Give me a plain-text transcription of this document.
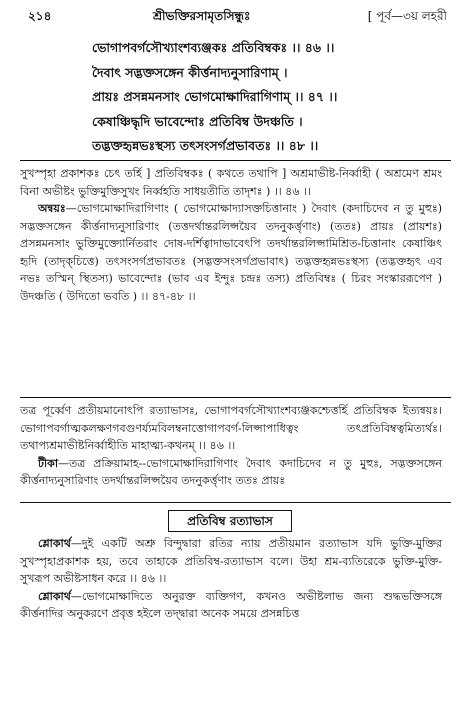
২১৪	শ্রীভক্তিরসামৃতসিন্ধুঃ	[ পূর্ব—৩য় লহরী
ভোগাপবর্গসৌখ্যাংশব্যঞ্জকঃ প্রতিবিম্বকঃ ।। ৪৬ ।।
দৈবাৎ সদ্ভক্তসঙ্গেন কীর্ত্তনাদ্যনুসারিণাম্ ।
প্রায়ঃ প্রসন্নমনসাং ভোগমোক্ষাদিরাগিণাম্ ।। ৪৭ ।।
কেষাঞ্চিদ্ধৃদি ভাবেন্দোঃ প্রতিবিম্ব উদঞ্চতি ।
তদ্ভক্তহৃন্নভঃস্থস্য তৎসংসর্গপ্রভাবতঃ ।। ৪৮ ।।

সুখস্পৃহা প্রকাশকঃ চেৎ তর্হি ] প্রতিবিম্বকঃ ( কথতে তথাপি ] অশ্রমাভীষ্ট-নির্ব্বাহী ( অশ্রমেণ শ্রমং বিনা অভীষ্টং ভুক্তিমুক্তিসুখং নির্ব্বহতি সাধয়তীতি তাদৃশঃ ) ।। ৪৬ ।।

অন্বয়ঃ—ভোগমোক্ষাদিরাগিণাং ( ভোগমোক্ষাদ্যাসক্তচিত্তানাং ) দৈবাৎ (কদাচিদেব ন তু মুহুঃ) সদ্ভক্তসঙ্গেন কীর্ত্তনাদ্যনুসারিণাং (তত্তদর্থান্তরলিপ্সয়ৈব তদনুকর্ত্তৃণাং) (ততঃ) প্রায়ঃ (প্রায়শঃ) প্রসন্নমনসাং ভুক্তিমুক্ত্যোর্নিতরাং দোষ-দর্শিত্বাদাভাবেৎপি তদর্থান্তরলিপ্সামিশ্রিত-চিত্তানাং কেষাঞ্চিৎ হৃদি (তাদৃক্‌চিত্তে) তৎসংসর্গপ্রভাবতঃ (সদ্ভক্তসংসর্গপ্রভাবাৎ) তদ্ভক্তহৃন্নভঃস্থস্য (তদ্ভক্তহৃৎ এব নভঃ তস্মিন্ স্থিতস্য) ভাবেন্দোঃ (ভাব এব ইন্দুঃ চন্দ্রঃ তস্য) প্রতিবিম্বঃ ( চিরং সংস্কাররূপেণ ) উদঞ্চতি ( উদিতো ভবতি ) ।। ৪৭-৪৮ ।।

তত্র পূর্ব্বেণ প্রতীয়মানোৎপি রত্যাভাসঃ, ভোগাপবর্গসৌখ্যাংশব্যঞ্জকশ্চেত্তর্হি প্রতিবিম্বক ইত্যন্বয়ঃ। ভোগাপবর্গাত্মকলক্ষণগবগুণৰ্য্যমবিলম্বনাত্তোগাপবর্গ-লিপ্সাপাধিত্বং তৎপ্রতিবিম্বত্বমিত্যর্থঃ। তথাপ্যশ্রমাভীষ্টনির্ব্বাহীতি মাহাত্ম্য-কথনম্ ।। ৪৬ ।।

টীকা—তত্র প্রক্রিয়ামাহ--ভোগমোক্ষাদিরাগিণাং দৈবাৎ কদাচিদেব ন তু মুহুঃ, সদ্ভক্তসঙ্গেন কীর্ত্তনাদ্যনুসারিণাং তদর্থান্তরলিপ্সয়ৈব তদনুকর্ত্তৃণাং ততঃ প্রায়ঃ

প্রতিবিম্ব রত্যাভাস

শ্লোকার্থ—দুই একটি অশ্রু বিন্দুদ্বারা রতির ন্যায় প্রতীয়মান রত্যাভাস যদি ভুক্তি-মুক্তির সুখস্পৃহাপ্রকাশক হয়, তবে তাহাকে প্রতিবিম্ব-রত্যাভাস বলে। উহা শ্রম-ব্যতিরেকে ভুক্তি-মুক্তি-সুখরূপ অভীষ্টসাধন করে ।। ৪৬ ।।

শ্লোকার্থ—ভোগমোক্ষাদিতে অনুরক্ত ব্যক্তিগণ, কখনও অভীষ্টলাভ জন্য শুদ্ধভক্তিসঙ্গে কীর্ত্তনাদির অনুকরণে প্রবৃত্ত হইলে তদ্দ্বারা অনেক সময়ে প্রসন্নচিত্ত
